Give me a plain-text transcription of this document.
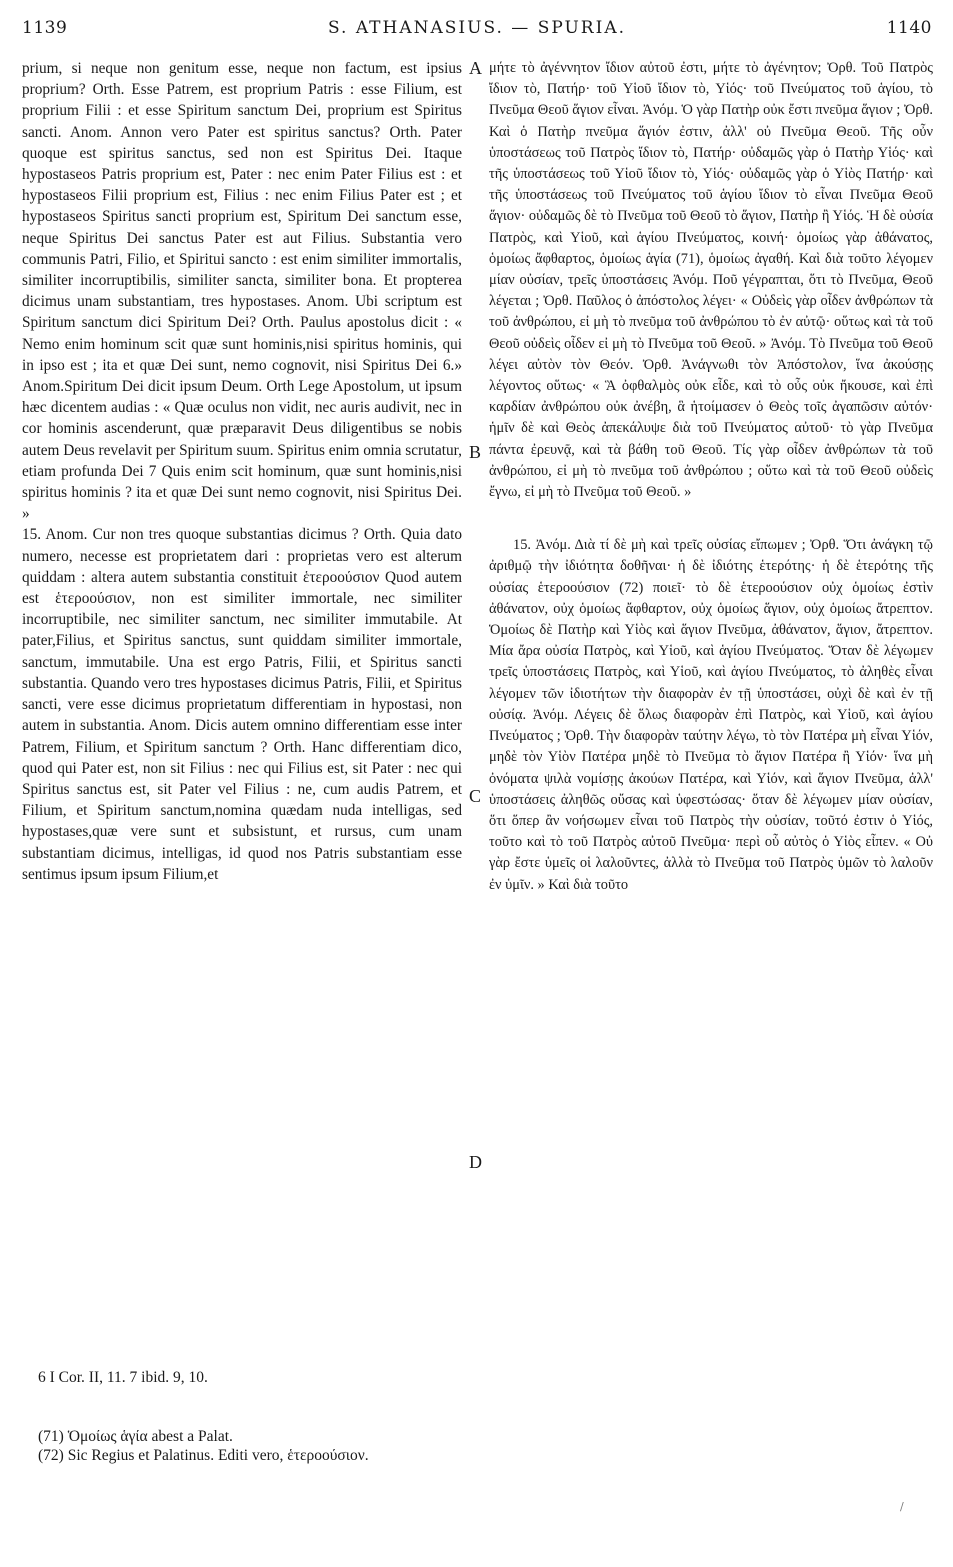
1139	S. ATHANASIUS. — SPURIA.	1140

prium, si neque non genitum esse, neque non factum, est ipsius proprium? Orth. Esse Patrem, est proprium Patris : esse Filium, est proprium Filii : et esse Spiritum sanctum Dei, proprium est Spiritus sancti. Anom. Annon vero Pater est spiritus sanctus? Orth. Pater quoque est spiritus sanctus, sed non est Spiritus Dei. Itaque hypostaseos Patris proprium est, Pater : nec enim Pater Filius est : et hypostaseos Filii proprium est, Filius : nec enim Filius Pater est ; et hypostaseos Spiritus sancti proprium est, Spiritum Dei sanctum esse, neque Spiritus Dei sanctus Pater est aut Filius. Substantia vero communis Patri, Filio, et Spiritui sancto : est enim similiter immortalis, similiter incorruptibilis, similiter sancta, similiter bona. Et propterea dicimus unam substantiam, tres hypostases. Anom. Ubi scriptum est Spiritum sanctum dici Spiritum Dei? Orth. Paulus apostolus dicit : « Nemo enim hominum scit quæ sunt hominis,nisi spiritus hominis, qui in ipso est ; ita et quæ Dei sunt, nemo cognovit, nisi Spiritus Dei 6.» Anom.Spiritum Dei dicit ipsum Deum. Orth Lege Apostolum, ut ipsum hæc dicentem audias : « Quæ oculus non vidit, nec auris audivit, nec in cor hominis ascenderunt, quæ præparavit Deus diligentibus se nobis autem Deus revelavit per Spiritum suum. Spiritus enim omnia scrutatur, etiam profunda Dei 7 Quis enim scit hominum, quæ sunt hominis,nisi spiritus hominis ? ita et quæ Dei sunt nemo cognovit, nisi Spiritus Dei. »

15. Anom. Cur non tres quoque substantias dicimus ? Orth. Quia dato numero, necesse est proprietatem dari : proprietas vero est alterum quiddam : altera autem substantia constituit ἑτεροούσιον Quod autem est ἑτεροούσιον, non est similiter immortale, nec similiter incorruptibile, nec similiter sanctum, nec similiter immutabile. At pater,Filius, et Spiritus sanctus, sunt quiddam similiter immortale, sanctum, immutabile. Una est ergo Patris, Filii, et Spiritus sancti substantia. Quando vero tres hypostases dicimus Patris, Filii, et Spiritus sancti, vere esse dicimus proprietatum differentiam in hypostasi, non autem in substantia. Anom. Dicis autem omnino differentiam esse inter Patrem, Filium, et Spiritum sanctum ? Orth. Hanc differentiam dico, quod qui Pater est, non sit Filius : nec qui Filius est, sit Pater : nec qui Spiritus sanctus est, sit Pater vel Filius : ne, cum audis Patrem, et Filium, et Spiritum sanctum,nomina quædam nuda intelligas, sed hypostases,quæ vere sunt et subsistunt, et rursus, cum unam substantiam dicimus, intelligas, id quod nos Patris substantiam esse sentimus ipsum ipsum Filium,et

A
B
C
D

μήτε τὸ ἀγέννητον ἴδιον αὐτοῦ ἐστι, μήτε τὸ ἀγένητον; Ὀρθ. Τοῦ Πατρὸς ἴδιον τὸ, Πατήρ· τοῦ Υἱοῦ ἴδιον τὸ, Υἱός· τοῦ Πνεύματος τοῦ ἁγίου, τὸ Πνεῦμα Θεοῦ ἅγιον εἶναι. Ἀνόμ. Ὁ γὰρ Πατὴρ οὐκ ἔστι πνεῦμα ἅγιον ; Ὀρθ. Καὶ ὁ Πατὴρ πνεῦμα ἅγιόν ἐστιν, ἀλλ' οὐ Πνεῦμα Θεοῦ. Τῆς οὖν ὑποστάσεως τοῦ Πατρὸς ἴδιον τὸ, Πατήρ· οὐδαμῶς γὰρ ὁ Πατὴρ Υἱός· καὶ τῆς ὑποστάσεως τοῦ Υἱοῦ ἴδιον τὸ, Υἱός· οὐδαμῶς γὰρ ὁ Υἱὸς Πατήρ· καὶ τῆς ὑποστάσεως τοῦ Πνεύματος τοῦ ἁγίου ἴδιον τὸ εἶναι Πνεῦμα Θεοῦ ἅγιον· οὐδαμῶς δὲ τὸ Πνεῦμα τοῦ Θεοῦ τὸ ἅγιον, Πατὴρ ἢ Υἱός. Ἡ δὲ οὐσία Πατρὸς, καὶ Υἱοῦ, καὶ ἁγίου Πνεύματος, κοινή· ὁμοίως γὰρ ἀθάνατος, ὁμοίως ἄφθαρτος, ὁμοίως ἁγία (71), ὁμοίως ἀγαθή. Καὶ διὰ τοῦτο λέγομεν μίαν οὐσίαν, τρεῖς ὑποστάσεις Ἀνόμ. Ποῦ γέγραπται, ὅτι τὸ Πνεῦμα, Θεοῦ λέγεται ; Ὀρθ. Παῦλος ὁ ἀπόστολος λέγει· « Οὐδεὶς γὰρ οἶδεν ἀνθρώπων τὰ τοῦ ἀνθρώπου, εἰ μὴ τὸ πνεῦμα τοῦ ἀνθρώπου τὸ ἐν αὐτῷ· οὕτως καὶ τὰ τοῦ Θεοῦ οὐδεὶς οἶδεν εἰ μὴ τὸ Πνεῦμα τοῦ Θεοῦ. » Ἀνόμ. Τὸ Πνεῦμα τοῦ Θεοῦ λέγει αὐτὸν τὸν Θεόν. Ὀρθ. Ἀνάγνωθι τὸν Ἀπόστολον, ἵνα ἀκούσῃς λέγοντος οὕτως· « Ἃ ὀφθαλμὸς οὐκ εἶδε, καὶ τὸ οὖς οὐκ ἤκουσε, καὶ ἐπὶ καρδίαν ἀνθρώπου οὐκ ἀνέβη, ἃ ἡτοίμασεν ὁ Θεὸς τοῖς ἀγαπῶσιν αὐτόν· ἡμῖν δὲ καὶ Θεὸς ἀπεκάλυψε διὰ τοῦ Πνεύματος αὐτοῦ· τὸ γὰρ Πνεῦμα πάντα ἐρευνᾷ, καὶ τὰ βάθη τοῦ Θεοῦ. Τίς γὰρ οἶδεν ἀνθρώπων τὰ τοῦ ἀνθρώπου, εἰ μὴ τὸ πνεῦμα τοῦ ἀνθρώπου ; οὕτω καὶ τὰ τοῦ Θεοῦ οὐδεὶς ἔγνω, εἰ μὴ τὸ Πνεῦμα τοῦ Θεοῦ. »

15. Ἀνόμ. Διὰ τί δὲ μὴ καὶ τρεῖς οὐσίας εἴπωμεν ; Ὀρθ. Ὅτι ἀνάγκη τῷ ἀριθμῷ τὴν ἰδιότητα δοθῆναι· ἡ δὲ ἰδιότης ἑτερότης· ἡ δὲ ἑτερότης τῆς οὐσίας ἑτεροούσιον (72) ποιεῖ· τὸ δὲ ἑτεροούσιον οὐχ ὁμοίως ἐστὶν ἀθάνατον, οὐχ ὁμοίως ἄφθαρτον, οὐχ ὁμοίως ἅγιον, οὐχ ὁμοίως ἄτρεπτον. Ὁμοίως δὲ Πατὴρ καὶ Υἱὸς καὶ ἅγιον Πνεῦμα, ἀθάνατον, ἅγιον, ἄτρεπτον. Μία ἄρα οὐσία Πατρὸς, καὶ Υἱοῦ, καὶ ἁγίου Πνεύματος. Ὅταν δὲ λέγωμεν τρεῖς ὑποστάσεις Πατρὸς, καὶ Υἱοῦ, καὶ ἁγίου Πνεύματος, τὸ ἀληθὲς εἶναι λέγομεν τῶν ἰδιοτήτων τὴν διαφορὰν ἐν τῇ ὑποστάσει, οὐχὶ δὲ καὶ ἐν τῇ οὐσίᾳ. Ἀνόμ. Λέγεις δὲ ὅλως διαφορὰν ἐπὶ Πατρὸς, καὶ Υἱοῦ, καὶ ἁγίου Πνεύματος ; Ὀρθ. Τὴν διαφορὰν ταύτην λέγω, τὸ τὸν Πατέρα μὴ εἶναι Υἱόν, μηδὲ τὸν Υἱὸν Πατέρα μηδὲ τὸ Πνεῦμα τὸ ἅγιον Πατέρα ἢ Υἱόν· ἵνα μὴ ὀνόματα ψιλὰ νομίσῃς ἀκούων Πατέρα, καὶ Υἱόν, καὶ ἅγιον Πνεῦμα, ἀλλ' ὑποστάσεις ἀληθῶς οὔσας καὶ ὑφεστώσας· ὅταν δὲ λέγωμεν μίαν οὐσίαν, ὅτι ὅπερ ἂν νοήσωμεν εἶναι τοῦ Πατρὸς τὴν οὐσίαν, τοῦτό ἐστιν ὁ Υἱός, τοῦτο καὶ τὸ τοῦ Πατρὸς αὐτοῦ Πνεῦμα· περὶ οὗ αὐτὸς ὁ Υἱὸς εἶπεν. « Οὐ γὰρ ἔστε ὑμεῖς οἱ λαλοῦντες, ἀλλὰ τὸ Πνεῦμα τοῦ Πατρὸς ὑμῶν τὸ λαλοῦν ἐν ὑμῖν. » Καὶ διὰ τοῦτο

6 I Cor. II, 11. 7 ibid. 9, 10.
(71) Ὁμοίως ἁγία abest a Palat.
(72) Sic Regius et Palatinus. Editi vero, ἑτεροούσιον.
/
